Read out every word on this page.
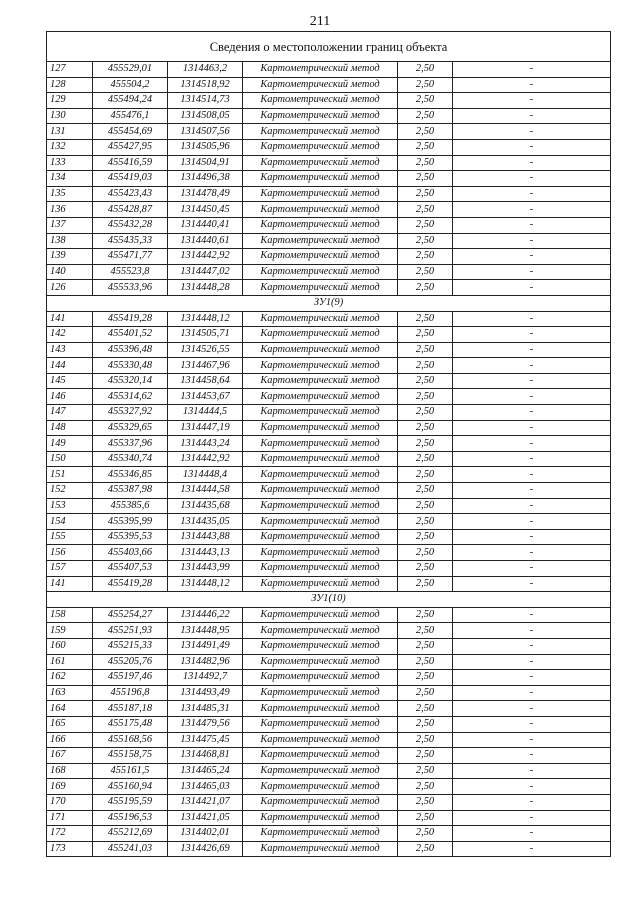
211
Сведения о местоположении границ объекта					
127	455529,01	1314463,2	Картометрический метод	2,50	-
128	455504,2	1314518,92	Картометрический метод	2,50	-
129	455494,24	1314514,73	Картометрический метод	2,50	-
130	455476,1	1314508,05	Картометрический метод	2,50	-
131	455454,69	1314507,56	Картометрический метод	2,50	-
132	455427,95	1314505,96	Картометрический метод	2,50	-
133	455416,59	1314504,91	Картометрический метод	2,50	-
134	455419,03	1314496,38	Картометрический метод	2,50	-
135	455423,43	1314478,49	Картометрический метод	2,50	-
136	455428,87	1314450,45	Картометрический метод	2,50	-
137	455432,28	1314440,41	Картометрический метод	2,50	-
138	455435,33	1314440,61	Картометрический метод	2,50	-
139	455471,77	1314442,92	Картометрический метод	2,50	-
140	455523,8	1314447,02	Картометрический метод	2,50	-
126	455533,96	1314448,28	Картометрический метод	2,50	-
ЗУ1(9)					
141	455419,28	1314448,12	Картометрический метод	2,50	-
142	455401,52	1314505,71	Картометрический метод	2,50	-
143	455396,48	1314526,55	Картометрический метод	2,50	-
144	455330,48	1314467,96	Картометрический метод	2,50	-
145	455320,14	1314458,64	Картометрический метод	2,50	-
146	455314,62	1314453,67	Картометрический метод	2,50	-
147	455327,92	1314444,5	Картометрический метод	2,50	-
148	455329,65	1314447,19	Картометрический метод	2,50	-
149	455337,96	1314443,24	Картометрический метод	2,50	-
150	455340,74	1314442,92	Картометрический метод	2,50	-
151	455346,85	1314448,4	Картометрический метод	2,50	-
152	455387,98	1314444,58	Картометрический метод	2,50	-
153	455385,6	1314435,68	Картометрический метод	2,50	-
154	455395,99	1314435,05	Картометрический метод	2,50	-
155	455395,53	1314443,88	Картометрический метод	2,50	-
156	455403,66	1314443,13	Картометрический метод	2,50	-
157	455407,53	1314443,99	Картометрический метод	2,50	-
141	455419,28	1314448,12	Картометрический метод	2,50	-
ЗУ1(10)					
158	455254,27	1314446,22	Картометрический метод	2,50	-
159	455251,93	1314448,95	Картометрический метод	2,50	-
160	455215,33	1314491,49	Картометрический метод	2,50	-
161	455205,76	1314482,96	Картометрический метод	2,50	-
162	455197,46	1314492,7	Картометрический метод	2,50	-
163	455196,8	1314493,49	Картометрический метод	2,50	-
164	455187,18	1314485,31	Картометрический метод	2,50	-
165	455175,48	1314479,56	Картометрический метод	2,50	-
166	455168,56	1314475,45	Картометрический метод	2,50	-
167	455158,75	1314468,81	Картометрический метод	2,50	-
168	455161,5	1314465,24	Картометрический метод	2,50	-
169	455160,94	1314465,03	Картометрический метод	2,50	-
170	455195,59	1314421,07	Картометрический метод	2,50	-
171	455196,53	1314421,05	Картометрический метод	2,50	-
172	455212,69	1314402,01	Картометрический метод	2,50	-
173	455241,03	1314426,69	Картометрический метод	2,50	-
